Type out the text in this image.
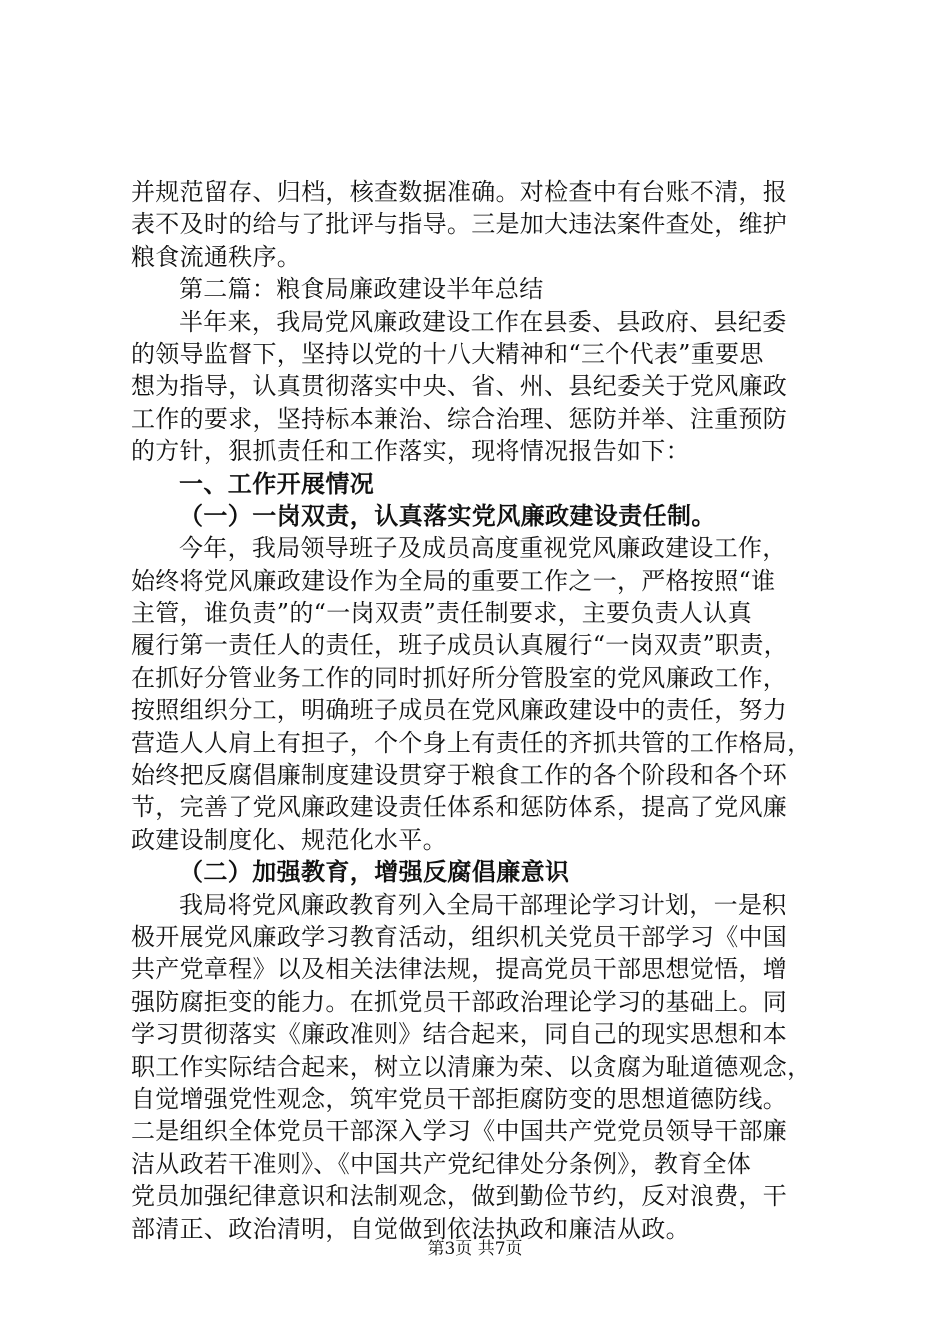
并规范留存、归档，核查数据准确。对检查中有台账不清，报
表不及时的给与了批评与指导。三是加大违法案件查处，维护
粮食流通秩序。
第二篇：粮食局廉政建设半年总结
半年来，我局党风廉政建设工作在县委、县政府、县纪委
的领导监督下，坚持以党的十八大精神和“三个代表”重要思
想为指导，认真贯彻落实中央、省、州、县纪委关于党风廉政
工作的要求，坚持标本兼治、综合治理、惩防并举、注重预防
的方针，狠抓责任和工作落实，现将情况报告如下：
一、工作开展情况
（一）一岗双责，认真落实党风廉政建设责任制。
今年，我局领导班子及成员高度重视党风廉政建设工作，
始终将党风廉政建设作为全局的重要工作之一，严格按照“谁
主管，谁负责”的“一岗双责”责任制要求，主要负责人认真
履行第一责任人的责任，班子成员认真履行“一岗双责”职责，
在抓好分管业务工作的同时抓好所分管股室的党风廉政工作，
按照组织分工，明确班子成员在党风廉政建设中的责任，努力
营造人人肩上有担子，个个身上有责任的齐抓共管的工作格局，
始终把反腐倡廉制度建设贯穿于粮食工作的各个阶段和各个环
节，完善了党风廉政建设责任体系和惩防体系，提高了党风廉
政建设制度化、规范化水平。
（二）加强教育，增强反腐倡廉意识
我局将党风廉政教育列入全局干部理论学习计划，一是积
极开展党风廉政学习教育活动，组织机关党员干部学习《中国
共产党章程》以及相关法律法规，提高党员干部思想觉悟，增
强防腐拒变的能力。在抓党员干部政治理论学习的基础上。同
学习贯彻落实《廉政准则》结合起来，同自己的现实思想和本
职工作实际结合起来，树立以清廉为荣、以贪腐为耻道德观念，
自觉增强党性观念，筑牢党员干部拒腐防变的思想道德防线。
二是组织全体党员干部深入学习《中国共产党党员领导干部廉
洁从政若干准则》、《中国共产党纪律处分条例》，教育全体
党员加强纪律意识和法制观念，做到勤俭节约，反对浪费，干
部清正、政治清明，自觉做到依法执政和廉洁从政。
第3页 共7页
